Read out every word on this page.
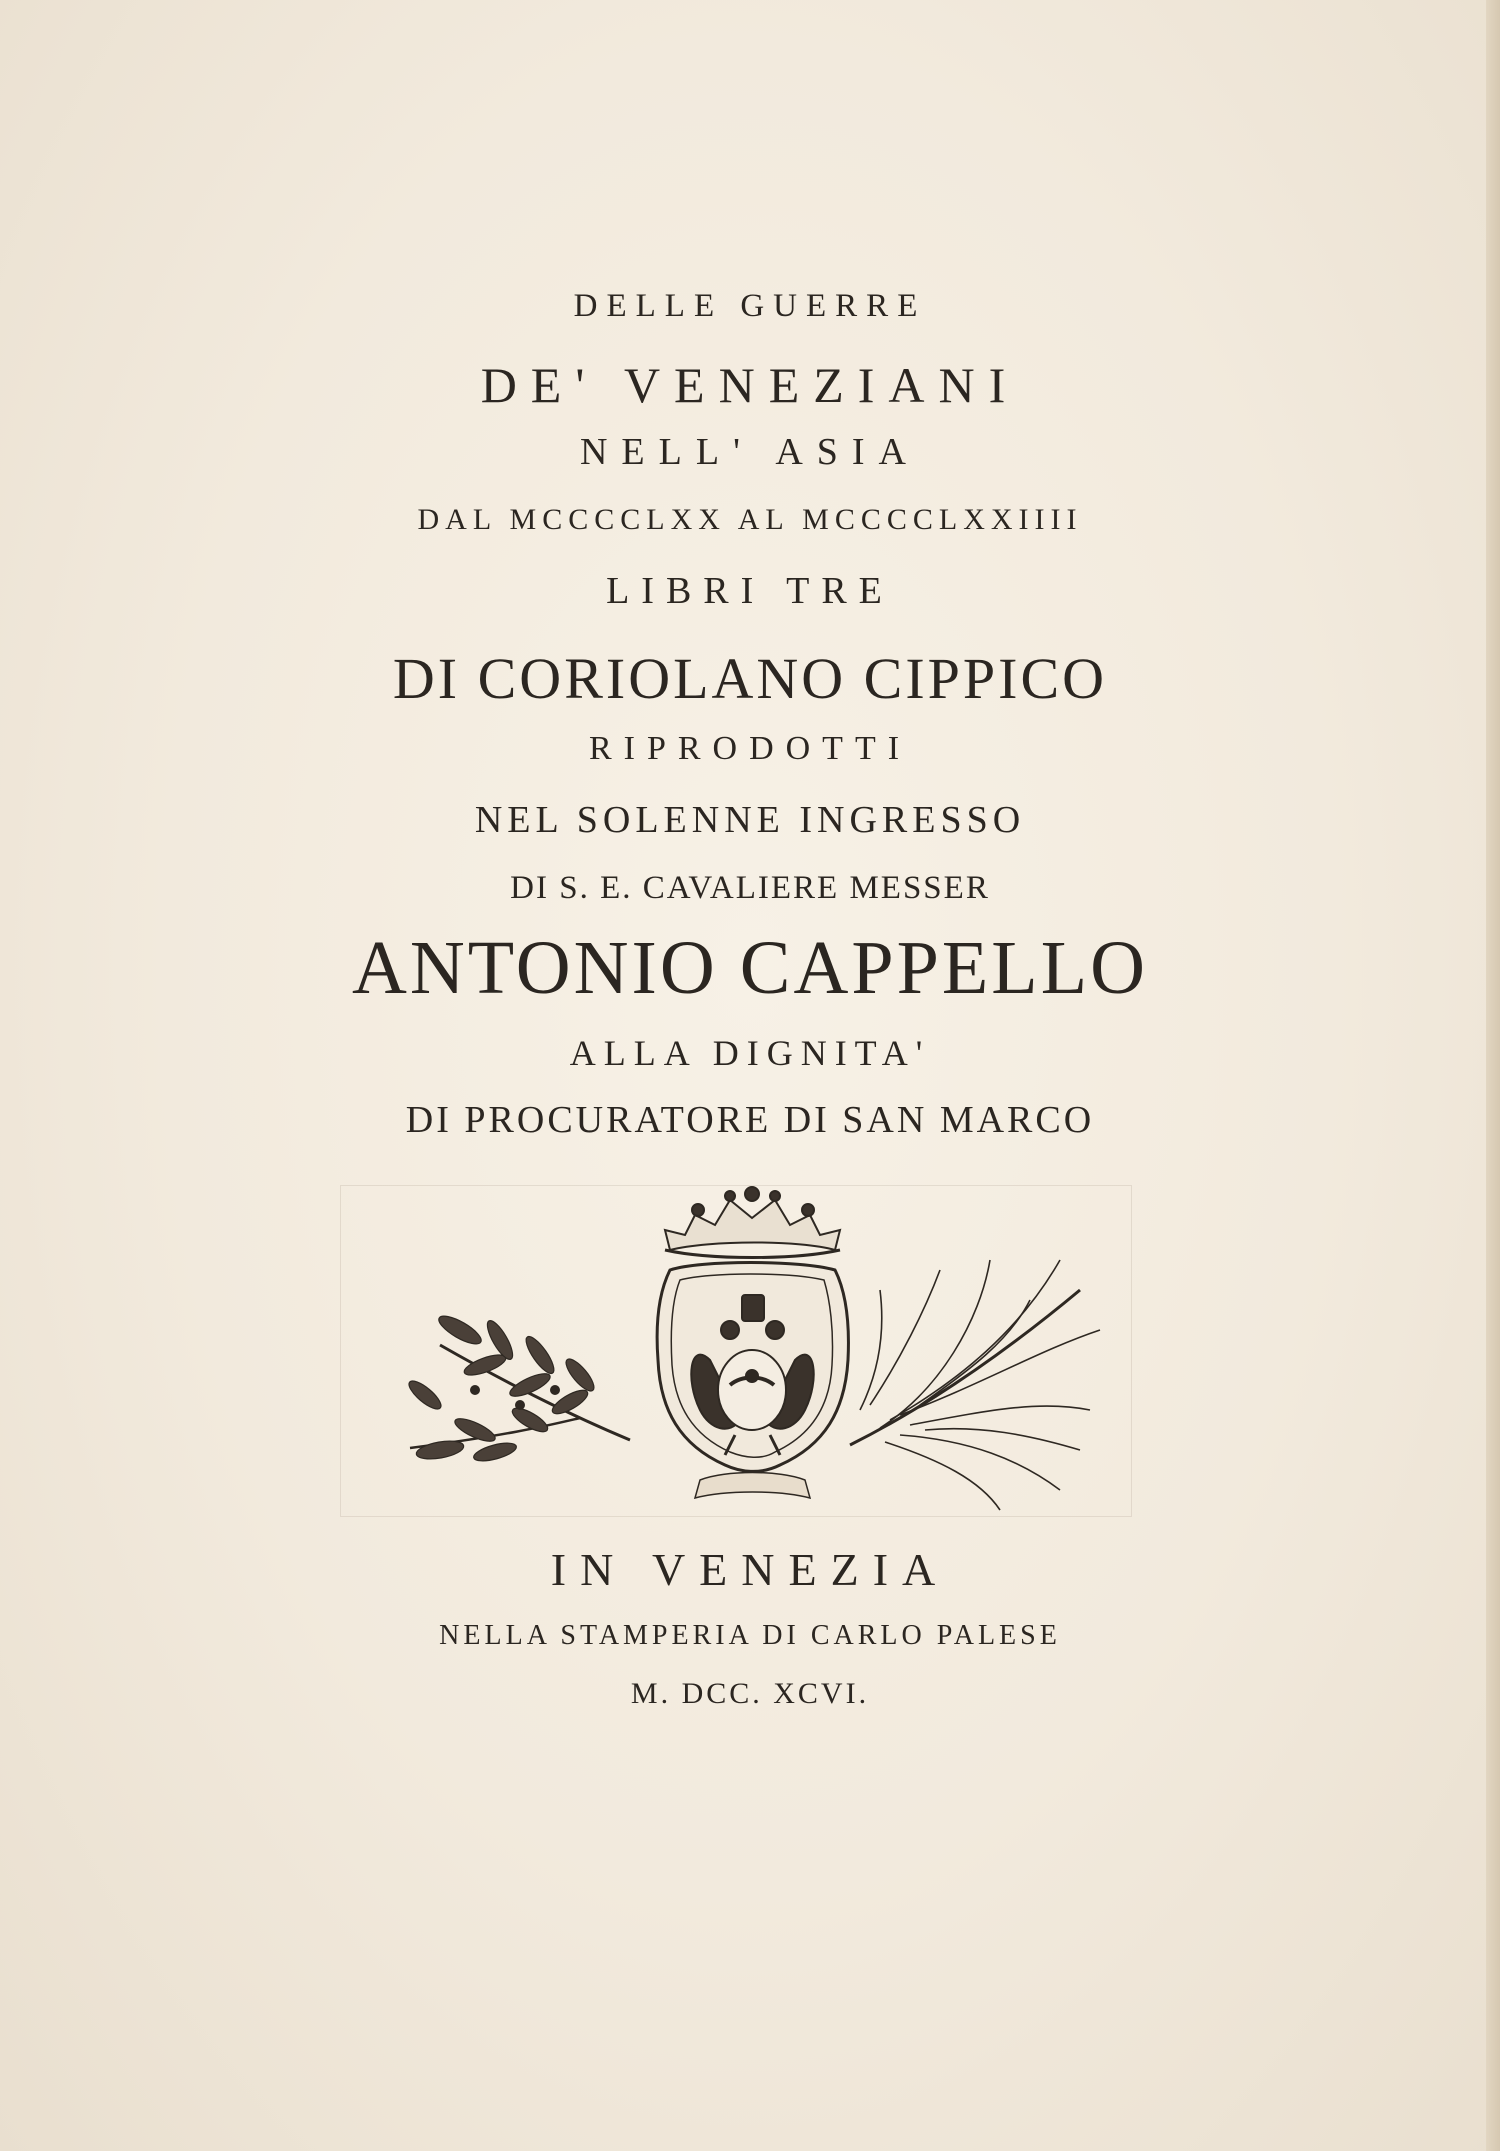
DELLE GUERRE
DE' VENEZIANI
NELL' ASIA
DAL MCCCCLXX AL MCCCCLXXIIII
LIBRI TRE
DI CORIOLANO CIPPICO
RIPRODOTTI
NEL SOLENNE INGRESSO
DI S. E. CAVALIERE MESSER
ANTONIO CAPPELLO
ALLA DIGNITA'
DI PROCURATORE DI SAN MARCO
IN VENEZIA
NELLA STAMPERIA DI CARLO PALESE
M. DCC. XCVI.
